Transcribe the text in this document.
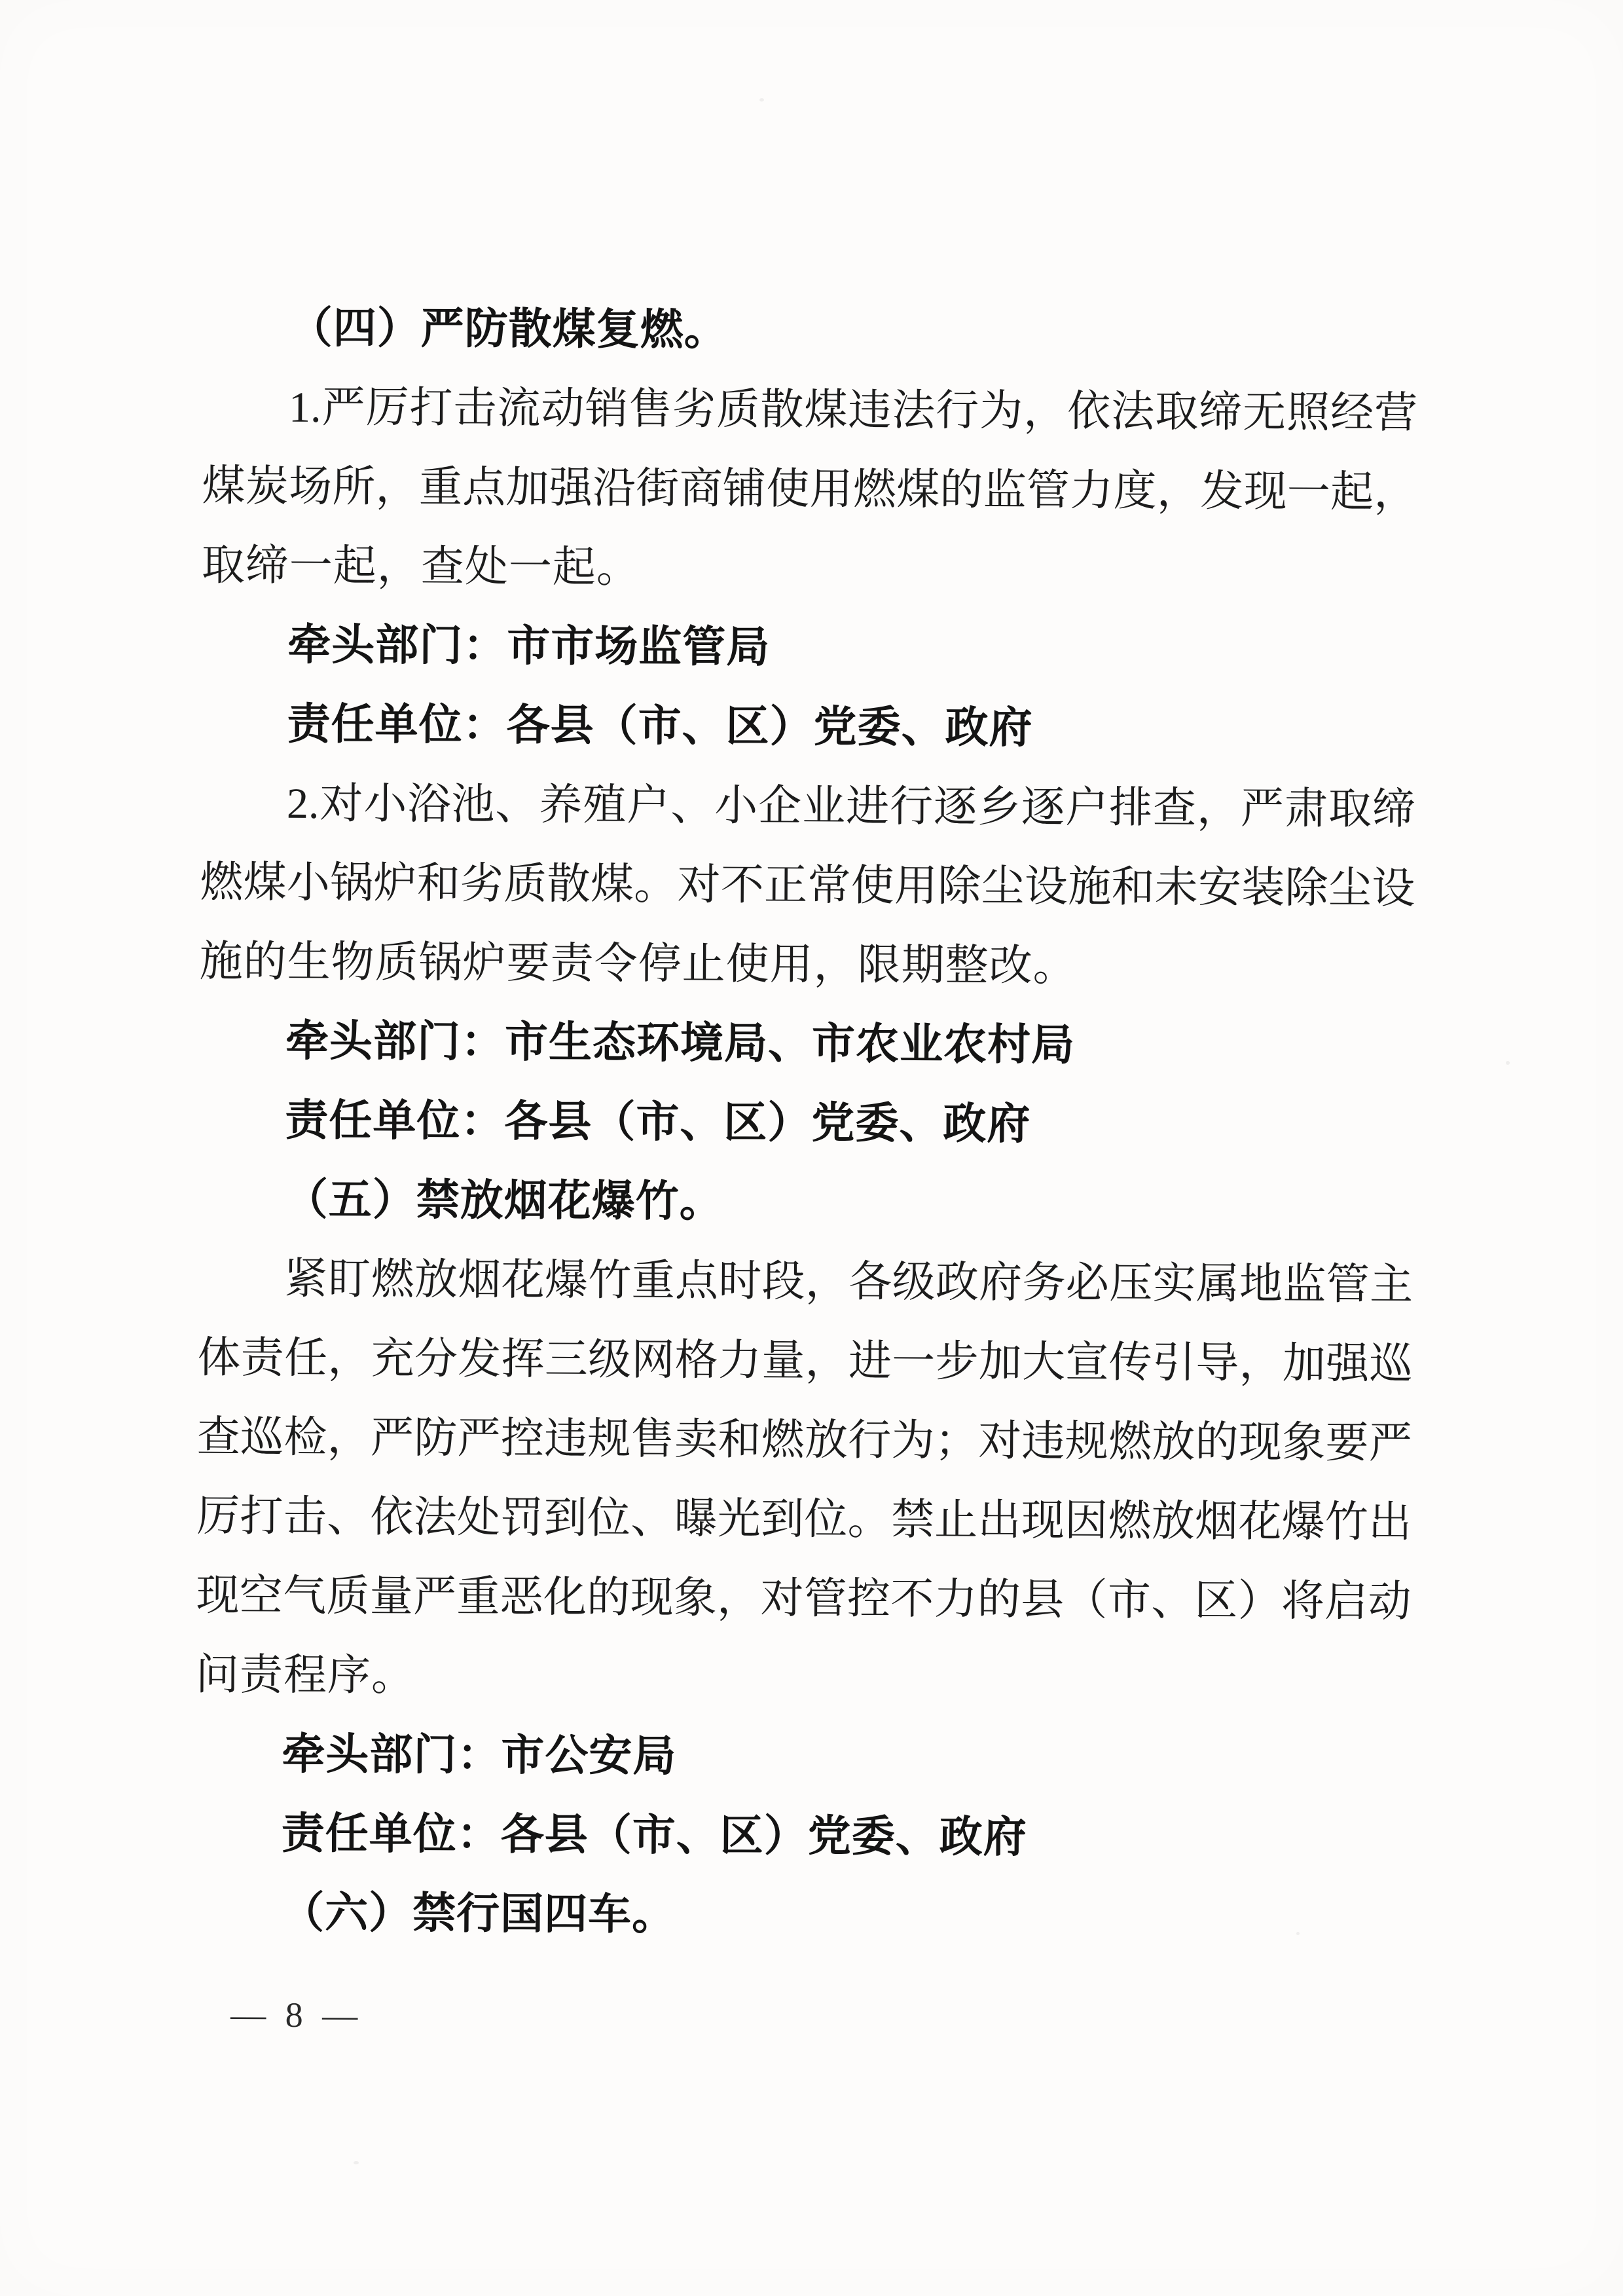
（四）严防散煤复燃。
1.严厉打击流动销售劣质散煤违法行为，依法取缔无照经营
煤炭场所，重点加强沿街商铺使用燃煤的监管力度，发现一起，
取缔一起，查处一起。
牵头部门：市市场监管局
责任单位：各县（市、区）党委、政府
2.对小浴池、养殖户、小企业进行逐乡逐户排查，严肃取缔
燃煤小锅炉和劣质散煤。对不正常使用除尘设施和未安装除尘设
施的生物质锅炉要责令停止使用，限期整改。
牵头部门：市生态环境局、市农业农村局
责任单位：各县（市、区）党委、政府
（五）禁放烟花爆竹。
紧盯燃放烟花爆竹重点时段，各级政府务必压实属地监管主
体责任，充分发挥三级网格力量，进一步加大宣传引导，加强巡
查巡检，严防严控违规售卖和燃放行为；对违规燃放的现象要严
厉打击、依法处罚到位、曝光到位。禁止出现因燃放烟花爆竹出
现空气质量严重恶化的现象，对管控不力的县（市、区）将启动
问责程序。
牵头部门：市公安局
责任单位：各县（市、区）党委、政府
（六）禁行国四车。
— 8 —
